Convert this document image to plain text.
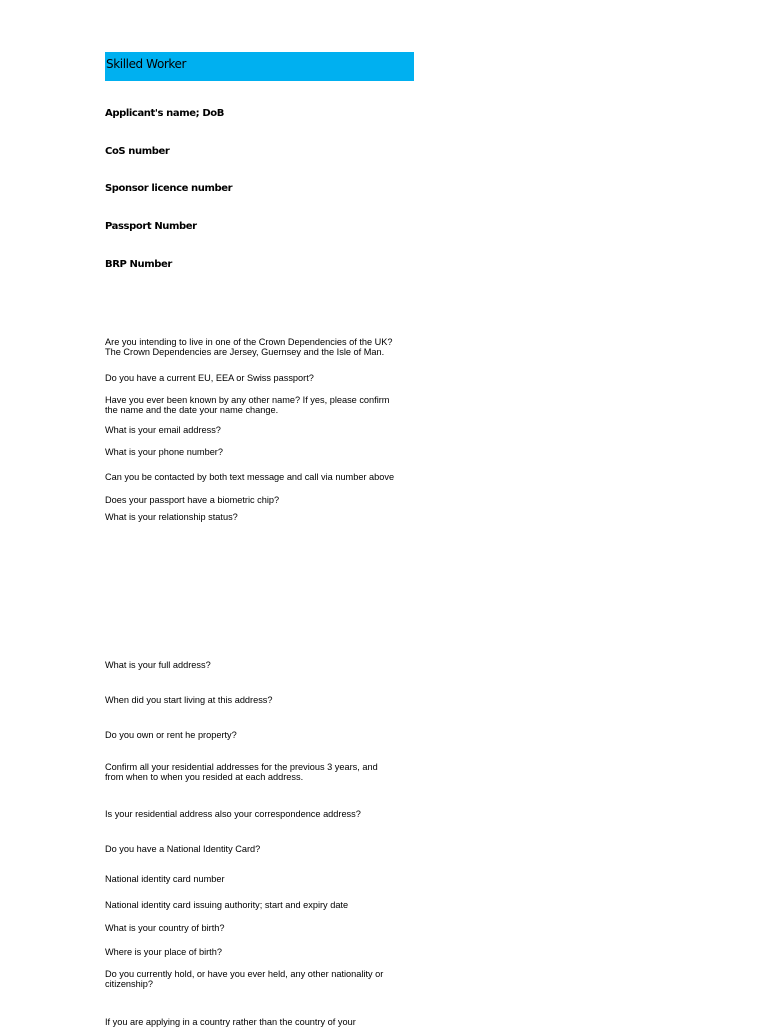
Skilled Worker
Applicant's name; DoB
CoS number
Sponsor licence number
Passport Number
BRP Number
Are you intending to live in one of the Crown Dependencies of the UK?
The Crown Dependencies are Jersey, Guernsey and the Isle of Man.
Do you have a current EU, EEA or Swiss passport?
Have you ever been known by any other name? If yes, please confirm
the name and the date your name change.
What is your email address?
What is your phone number?
Can you be contacted by both text message and call via number above
Does your passport have a biometric chip?
What is your relationship status?
What is your full address?
When did you start living at this address?
Do you own or rent he property?
Confirm all your residential addresses for the previous 3 years, and
from when to when you resided at each address.
Is your residential address also your correspondence address?
Do you have a National Identity Card?
National identity card number
National identity card issuing authority; start and expiry date
What is your country of birth?
Where is your place of birth?
Do you currently hold, or have you ever held, any other nationality or
citizenship?
If you are applying in a country rather than the country of your
